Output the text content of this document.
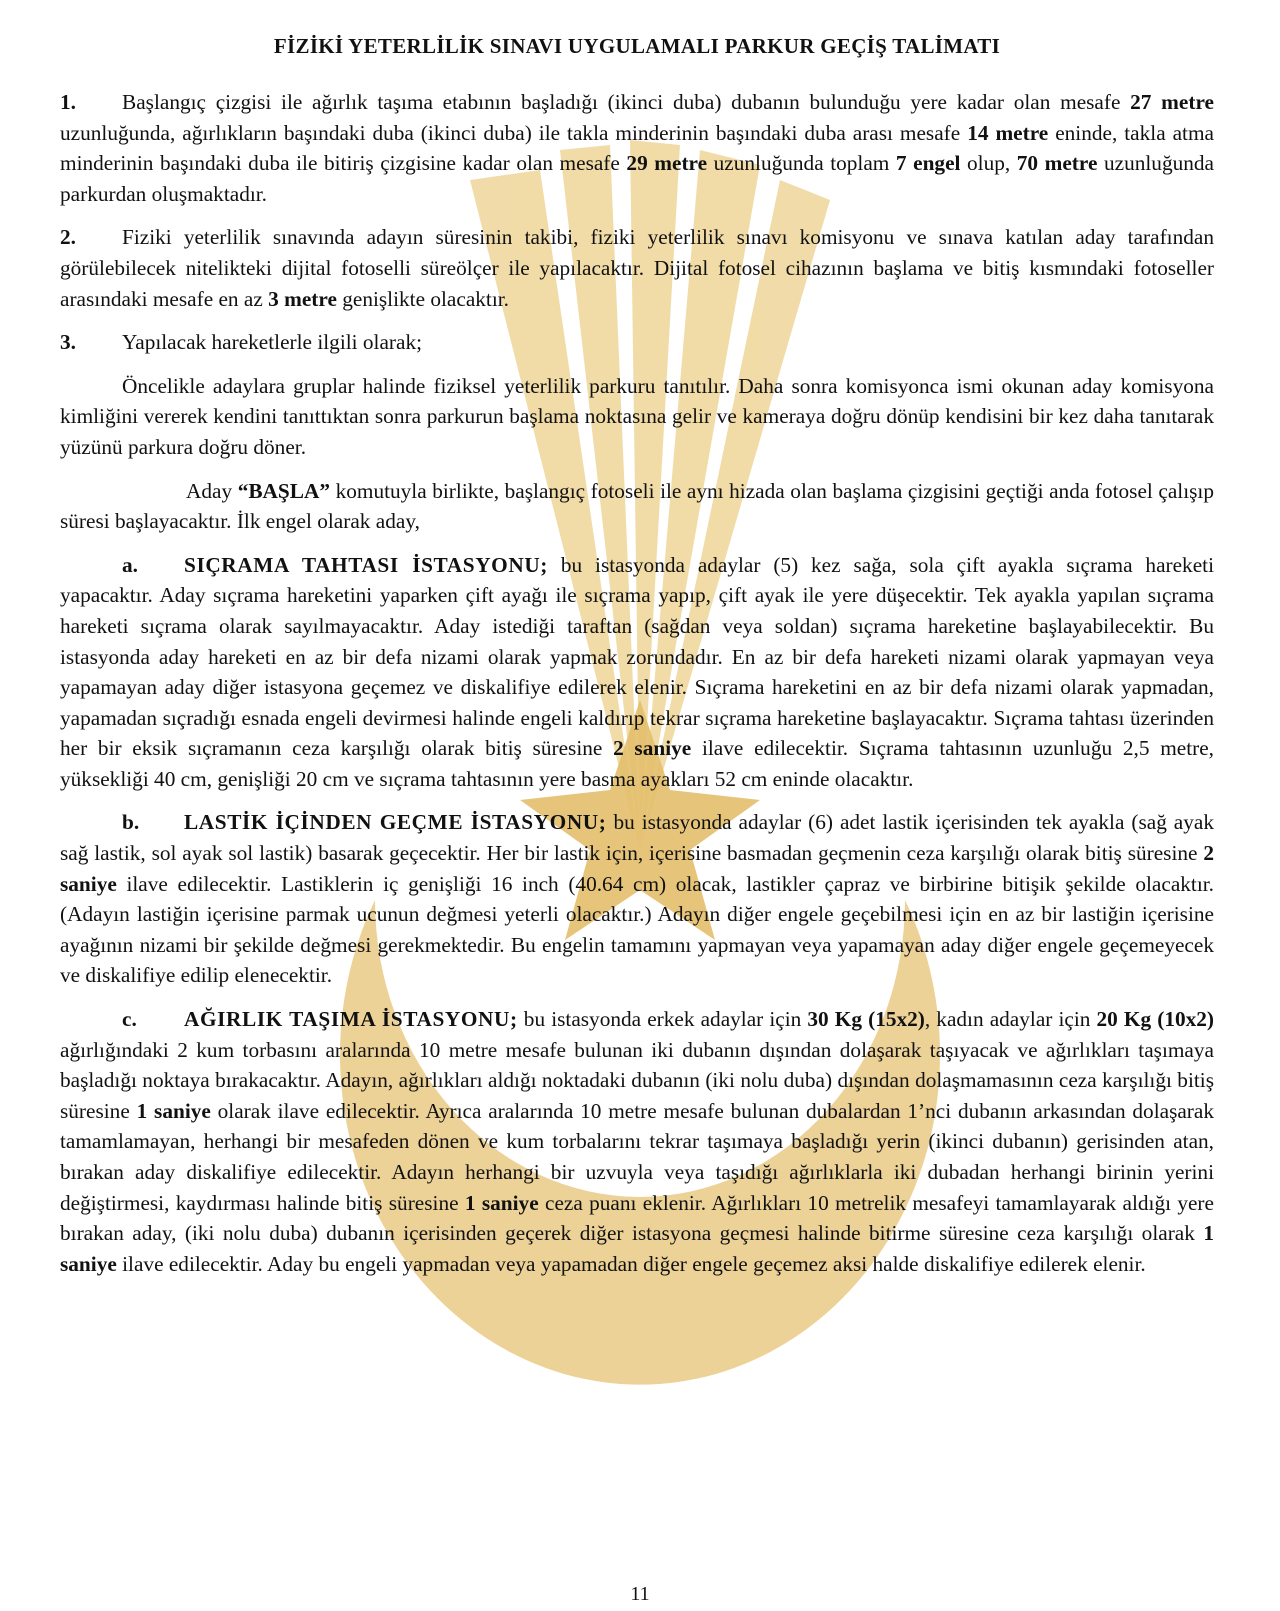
FİZİKİ YETERLİLİK SINAVI UYGULAMALI PARKUR GEÇİŞ TALİMATI

1. Başlangıç çizgisi ile ağırlık taşıma etabının başladığı (ikinci duba) dubanın bulunduğu yere kadar olan mesafe 27 metre uzunluğunda, ağırlıkların başındaki duba (ikinci duba) ile takla minderinin başındaki duba arası mesafe 14 metre eninde, takla atma minderinin başındaki duba ile bitiriş çizgisine kadar olan mesafe 29 metre uzunluğunda toplam 7 engel olup, 70 metre uzunluğunda parkurdan oluşmaktadır.

2. Fiziki yeterlilik sınavında adayın süresinin takibi, fiziki yeterlilik sınavı komisyonu ve sınava katılan aday tarafından görülebilecek nitelikteki dijital fotoselli süreölçer ile yapılacaktır. Dijital fotosel cihazının başlama ve bitiş kısmındaki fotoseller arasındaki mesafe en az 3 metre genişlikte olacaktır.

3. Yapılacak hareketlerle ilgili olarak;

Öncelikle adaylara gruplar halinde fiziksel yeterlilik parkuru tanıtılır. Daha sonra komisyonca ismi okunan aday komisyona kimliğini vererek kendini tanıttıktan sonra parkurun başlama noktasına gelir ve kameraya doğru dönüp kendisini bir kez daha tanıtarak yüzünü parkura doğru döner.

Aday “BAŞLA” komutuyla birlikte, başlangıç fotoseli ile aynı hizada olan başlama çizgisini geçtiği anda fotosel çalışıp süresi başlayacaktır. İlk engel olarak aday,

a. SIÇRAMA TAHTASI İSTASYONU; bu istasyonda adaylar (5) kez sağa, sola çift ayakla sıçrama hareketi yapacaktır. Aday sıçrama hareketini yaparken çift ayağı ile sıçrama yapıp, çift ayak ile yere düşecektir. Tek ayakla yapılan sıçrama hareketi sıçrama olarak sayılmayacaktır. Aday istediği taraftan (sağdan veya soldan) sıçrama hareketine başlayabilecektir. Bu istasyonda aday hareketi en az bir defa nizami olarak yapmak zorundadır. En az bir defa hareketi nizami olarak yapmayan veya yapamayan aday diğer istasyona geçemez ve diskalifiye edilerek elenir. Sıçrama hareketini en az bir defa nizami olarak yapmadan, yapamadan sıçradığı esnada engeli devirmesi halinde engeli kaldırıp tekrar sıçrama hareketine başlayacaktır. Sıçrama tahtası üzerinden her bir eksik sıçramanın ceza karşılığı olarak bitiş süresine 2 saniye ilave edilecektir. Sıçrama tahtasının uzunluğu 2,5 metre, yüksekliği 40 cm, genişliği 20 cm ve sıçrama tahtasının yere basma ayakları 52 cm eninde olacaktır.

b. LASTİK İÇİNDEN GEÇME İSTASYONU; bu istasyonda adaylar (6) adet lastik içerisinden tek ayakla (sağ ayak sağ lastik, sol ayak sol lastik) basarak geçecektir. Her bir lastik için, içerisine basmadan geçmenin ceza karşılığı olarak bitiş süresine 2 saniye ilave edilecektir. Lastiklerin iç genişliği 16 inch (40.64 cm) olacak, lastikler çapraz ve birbirine bitişik şekilde olacaktır. (Adayın lastiğin içerisine parmak ucunun değmesi yeterli olacaktır.) Adayın diğer engele geçebilmesi için en az bir lastiğin içerisine ayağının nizami bir şekilde değmesi gerekmektedir. Bu engelin tamamını yapmayan veya yapamayan aday diğer engele geçemeyecek ve diskalifiye edilip elenecektir.

c. AĞIRLIK TAŞIMA İSTASYONU; bu istasyonda erkek adaylar için 30 Kg (15x2), kadın adaylar için 20 Kg (10x2) ağırlığındaki 2 kum torbasını aralarında 10 metre mesafe bulunan iki dubanın dışından dolaşarak taşıyacak ve ağırlıkları taşımaya başladığı noktaya bırakacaktır. Adayın, ağırlıkları aldığı noktadaki dubanın (iki nolu duba) dışından dolaşmamasının ceza karşılığı bitiş süresine 1 saniye olarak ilave edilecektir. Ayrıca aralarında 10 metre mesafe bulunan dubalardan 1’nci dubanın arkasından dolaşarak tamamlamayan, herhangi bir mesafeden dönen ve kum torbalarını tekrar taşımaya başladığı yerin (ikinci dubanın) gerisinden atan, bırakan aday diskalifiye edilecektir. Adayın herhangi bir uzvuyla veya taşıdığı ağırlıklarla iki dubadan herhangi birinin yerini değiştirmesi, kaydırması halinde bitiş süresine 1 saniye ceza puanı eklenir. Ağırlıkları 10 metrelik mesafeyi tamamlayarak aldığı yere bırakan aday, (iki nolu duba) dubanın içerisinden geçerek diğer istasyona geçmesi halinde bitirme süresine ceza karşılığı olarak 1 saniye ilave edilecektir. Aday bu engeli yapmadan veya yapamadan diğer engele geçemez aksi halde diskalifiye edilerek elenir.

11
